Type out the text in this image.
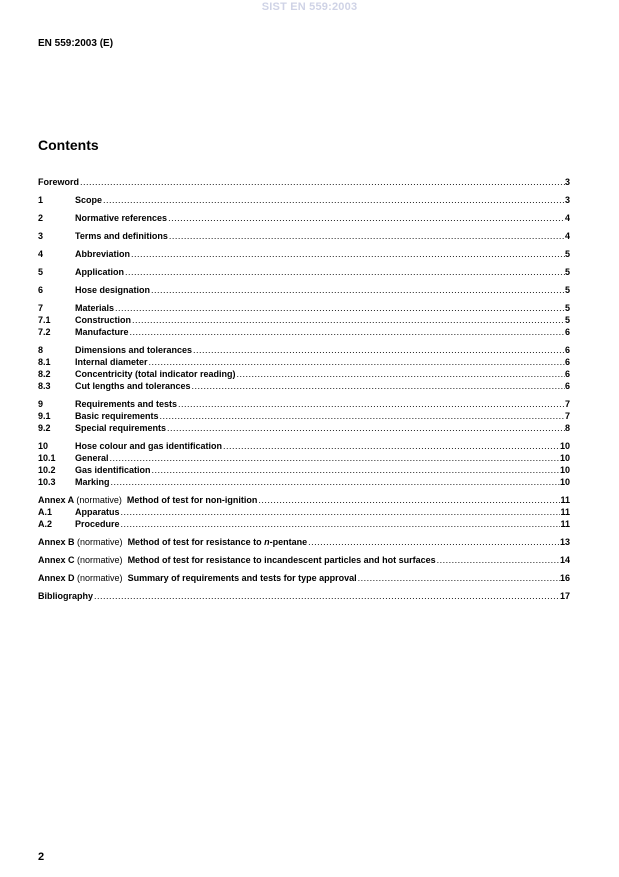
SIST EN 559:2003
EN 559:2003 (E)
Contents
Foreword .....	3
1	Scope .....	3
2	Normative references .....	4
3	Terms and definitions .....	4
4	Abbreviation .....	5
5	Application .....	5
6	Hose designation .....	5
7	Materials .....	5
7.1	Construction .....	5
7.2	Manufacture .....	6
8	Dimensions and tolerances .....	6
8.1	Internal diameter .....	6
8.2	Concentricity (total indicator reading) .....	6
8.3	Cut lengths and tolerances .....	6
9	Requirements and tests .....	7
9.1	Basic requirements .....	7
9.2	Special requirements .....	8
10	Hose colour and gas identification .....	10
10.1	General .....	10
10.2	Gas identification .....	10
10.3	Marking .....	10
Annex A (normative) Method of test for non-ignition .....	11
A.1	Apparatus .....	11
A.2	Procedure .....	11
Annex B (normative) Method of test for resistance to n-pentane .....	13
Annex C (normative) Method of test for resistance to incandescent particles and hot surfaces .....	14
Annex D (normative) Summary of requirements and tests for type approval .....	16
Bibliography .....	17
2
